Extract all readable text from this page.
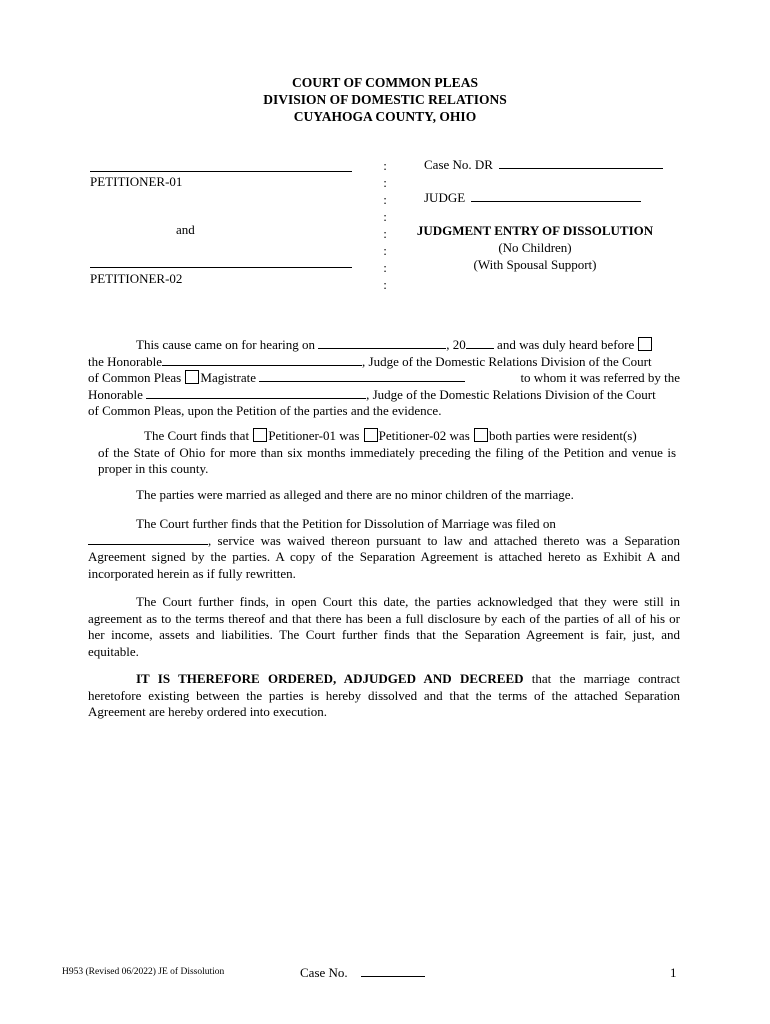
COURT OF COMMON PLEAS
DIVISION OF DOMESTIC RELATIONS
CUYAHOGA COUNTY, OHIO
PETITIONER-01
and
PETITIONER-02
:
:
:
:
:
:
:
:
Case No. DR
JUDGE
JUDGMENT ENTRY OF DISSOLUTION
(No Children)
(With Spousal Support)
This cause came on for hearing on	, 20 and was duly heard before
the Honorable	, Judge of the Domestic Relations Division of the Court
of Common Pleas Magistrate	to whom it was referred by the
Honorable	, Judge of the Domestic Relations Division of the Court
of Common Pleas, upon the Petition of the parties and the evidence.
The Court finds that Petitioner-01 was Petitioner-02 was both parties were resident(s)

of the State of Ohio for more than six months immediately preceding the filing of the Petition and venue is proper in this county.

The parties were married as alleged and there are no minor children of the marriage.
The Court further finds that the Petition for Dissolution of Marriage was filed on

, service was waived thereon pursuant to law and attached thereto was a Separation Agreement signed by the parties. A copy of the Separation Agreement is attached hereto as Exhibit A and incorporated herein as if fully rewritten.

The Court further finds, in open Court this date, the parties acknowledged that they were still in agreement as to the terms thereof and that there has been a full disclosure by each of the parties of all of his or her income, assets and liabilities. The Court further finds that the Separation Agreement is fair, just, and equitable.

IT IS THEREFORE ORDERED, ADJUDGED AND DECREED that the marriage contract heretofore existing between the parties is hereby dissolved and that the terms of the attached Separation Agreement are hereby ordered into execution.

H953 (Revised 06/2022) JE of Dissolution	Case No.	1
